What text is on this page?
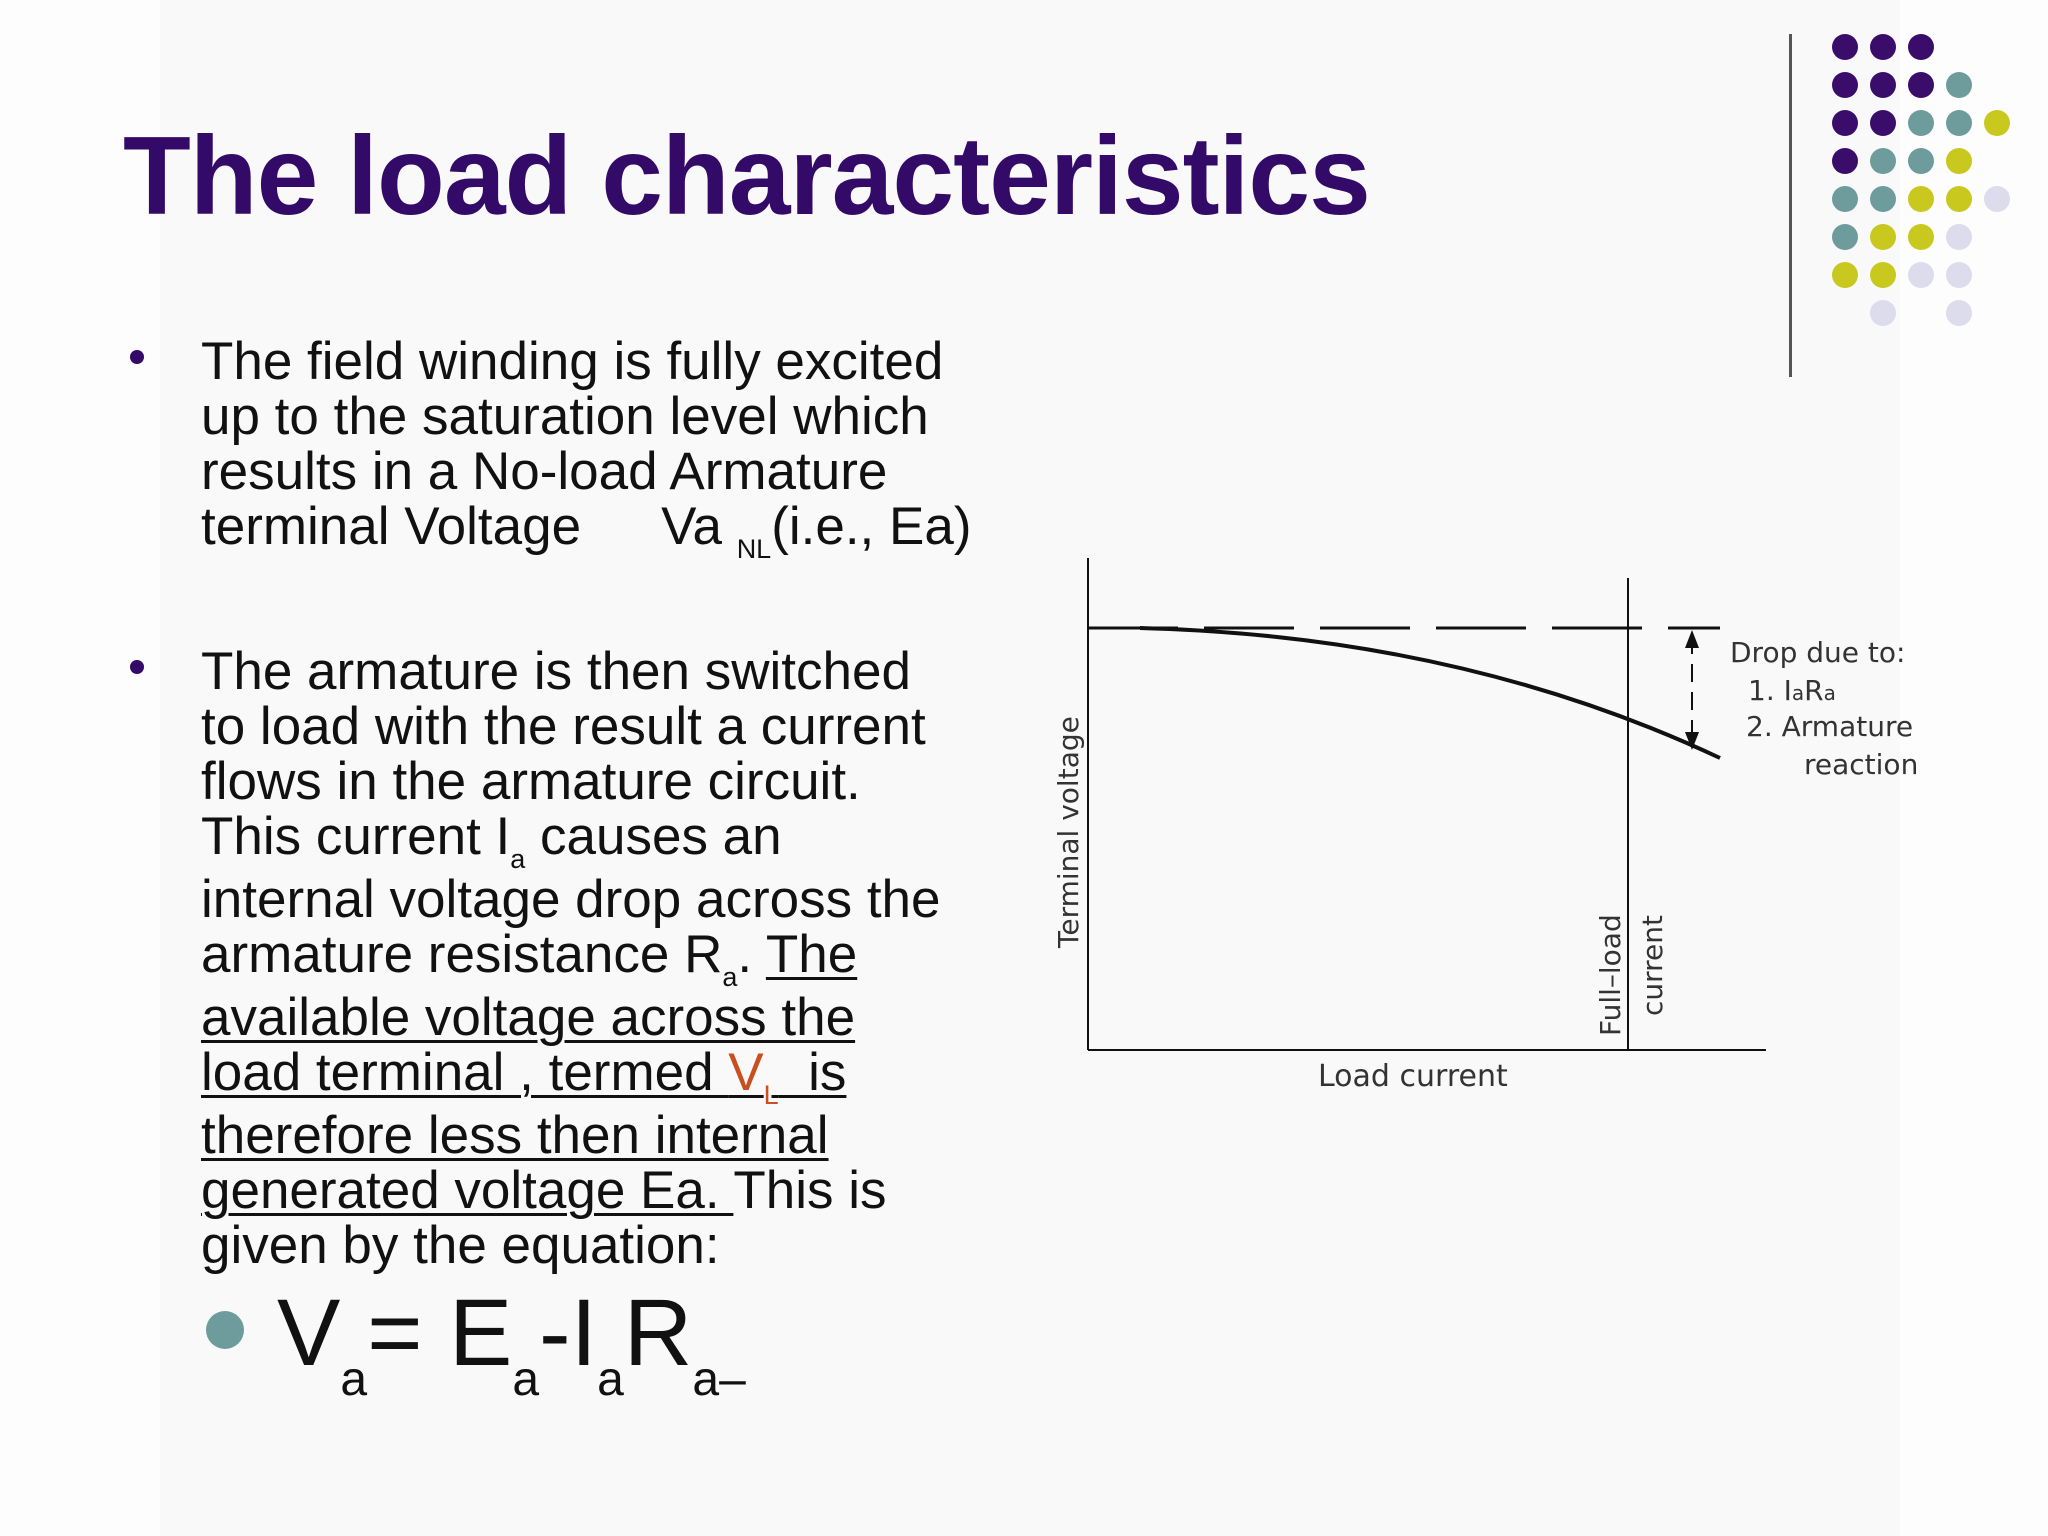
The load characteristics
The field winding is fully excited
up to the saturation level which
results in a No-load Armature
terminal Voltage Va $_{NL}$(i.e., Ea)
The armature is then switched
to load with the result a current
flows in the armature circuit.
This current $I_a$ causes an
internal voltage drop across the
armature resistance $R_a$. The
available voltage across the
load terminal , termed $V_L$  is
therefore less then internal
generated voltage Ea. This is
given by the equation:
$V_a= E_a-I_aR_{a-}$
Terminal voltage
Load current
Full–load current
Drop due to:
1. IaRa
2. Armature
reaction
